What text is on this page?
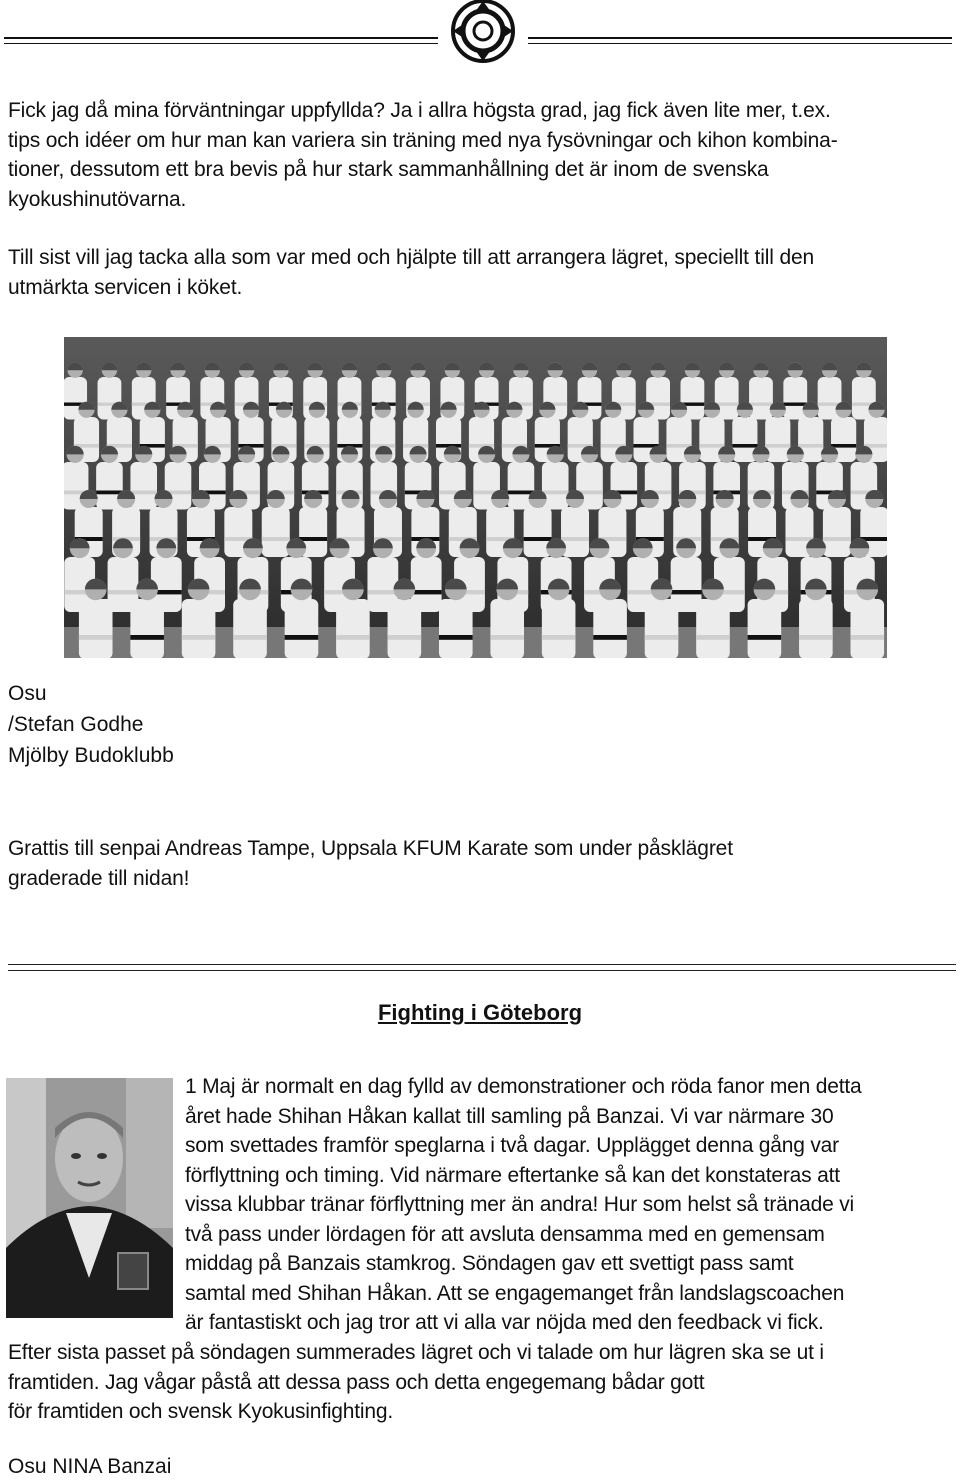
Fick jag då mina förväntningar uppfyllda? Ja i allra högsta grad, jag fick även lite mer, t.ex.
tips och idéer om hur man kan variera sin träning med nya fysövningar och kihon kombina-
tioner, dessutom ett bra bevis på hur stark sammanhållning det är inom de svenska
kyokushinutövarna.
Till sist vill jag tacka alla som var med och hjälpte till att arrangera lägret, speciellt till den
utmärkta servicen i köket.
Osu
/Stefan Godhe
Mjölby Budoklubb
Grattis till senpai Andreas Tampe, Uppsala KFUM Karate som under påsklägret
graderade till nidan!
Fighting i Göteborg
1 Maj är normalt en dag fylld av demonstrationer och röda fanor men detta
året hade Shihan Håkan kallat till samling på Banzai. Vi var närmare 30
som svettades framför speglarna i två dagar. Upplägget denna gång var
förflyttning och timing. Vid närmare eftertanke så kan det konstateras att
vissa klubbar tränar förflyttning mer än andra! Hur som helst så tränade vi
två pass under lördagen för att avsluta densamma med en gemensam
middag på Banzais stamkrog. Söndagen gav ett svettigt pass samt
samtal med Shihan Håkan. Att se engagemanget från landslagscoachen
är fantastiskt och jag tror att vi alla var nöjda med den feedback vi fick.
Efter sista passet på söndagen summerades lägret och vi talade om hur lägren ska se ut i
framtiden. Jag vågar påstå att dessa pass och detta engegemang bådar gott
för framtiden och svensk Kyokusinfighting.
Osu NINA Banzai
